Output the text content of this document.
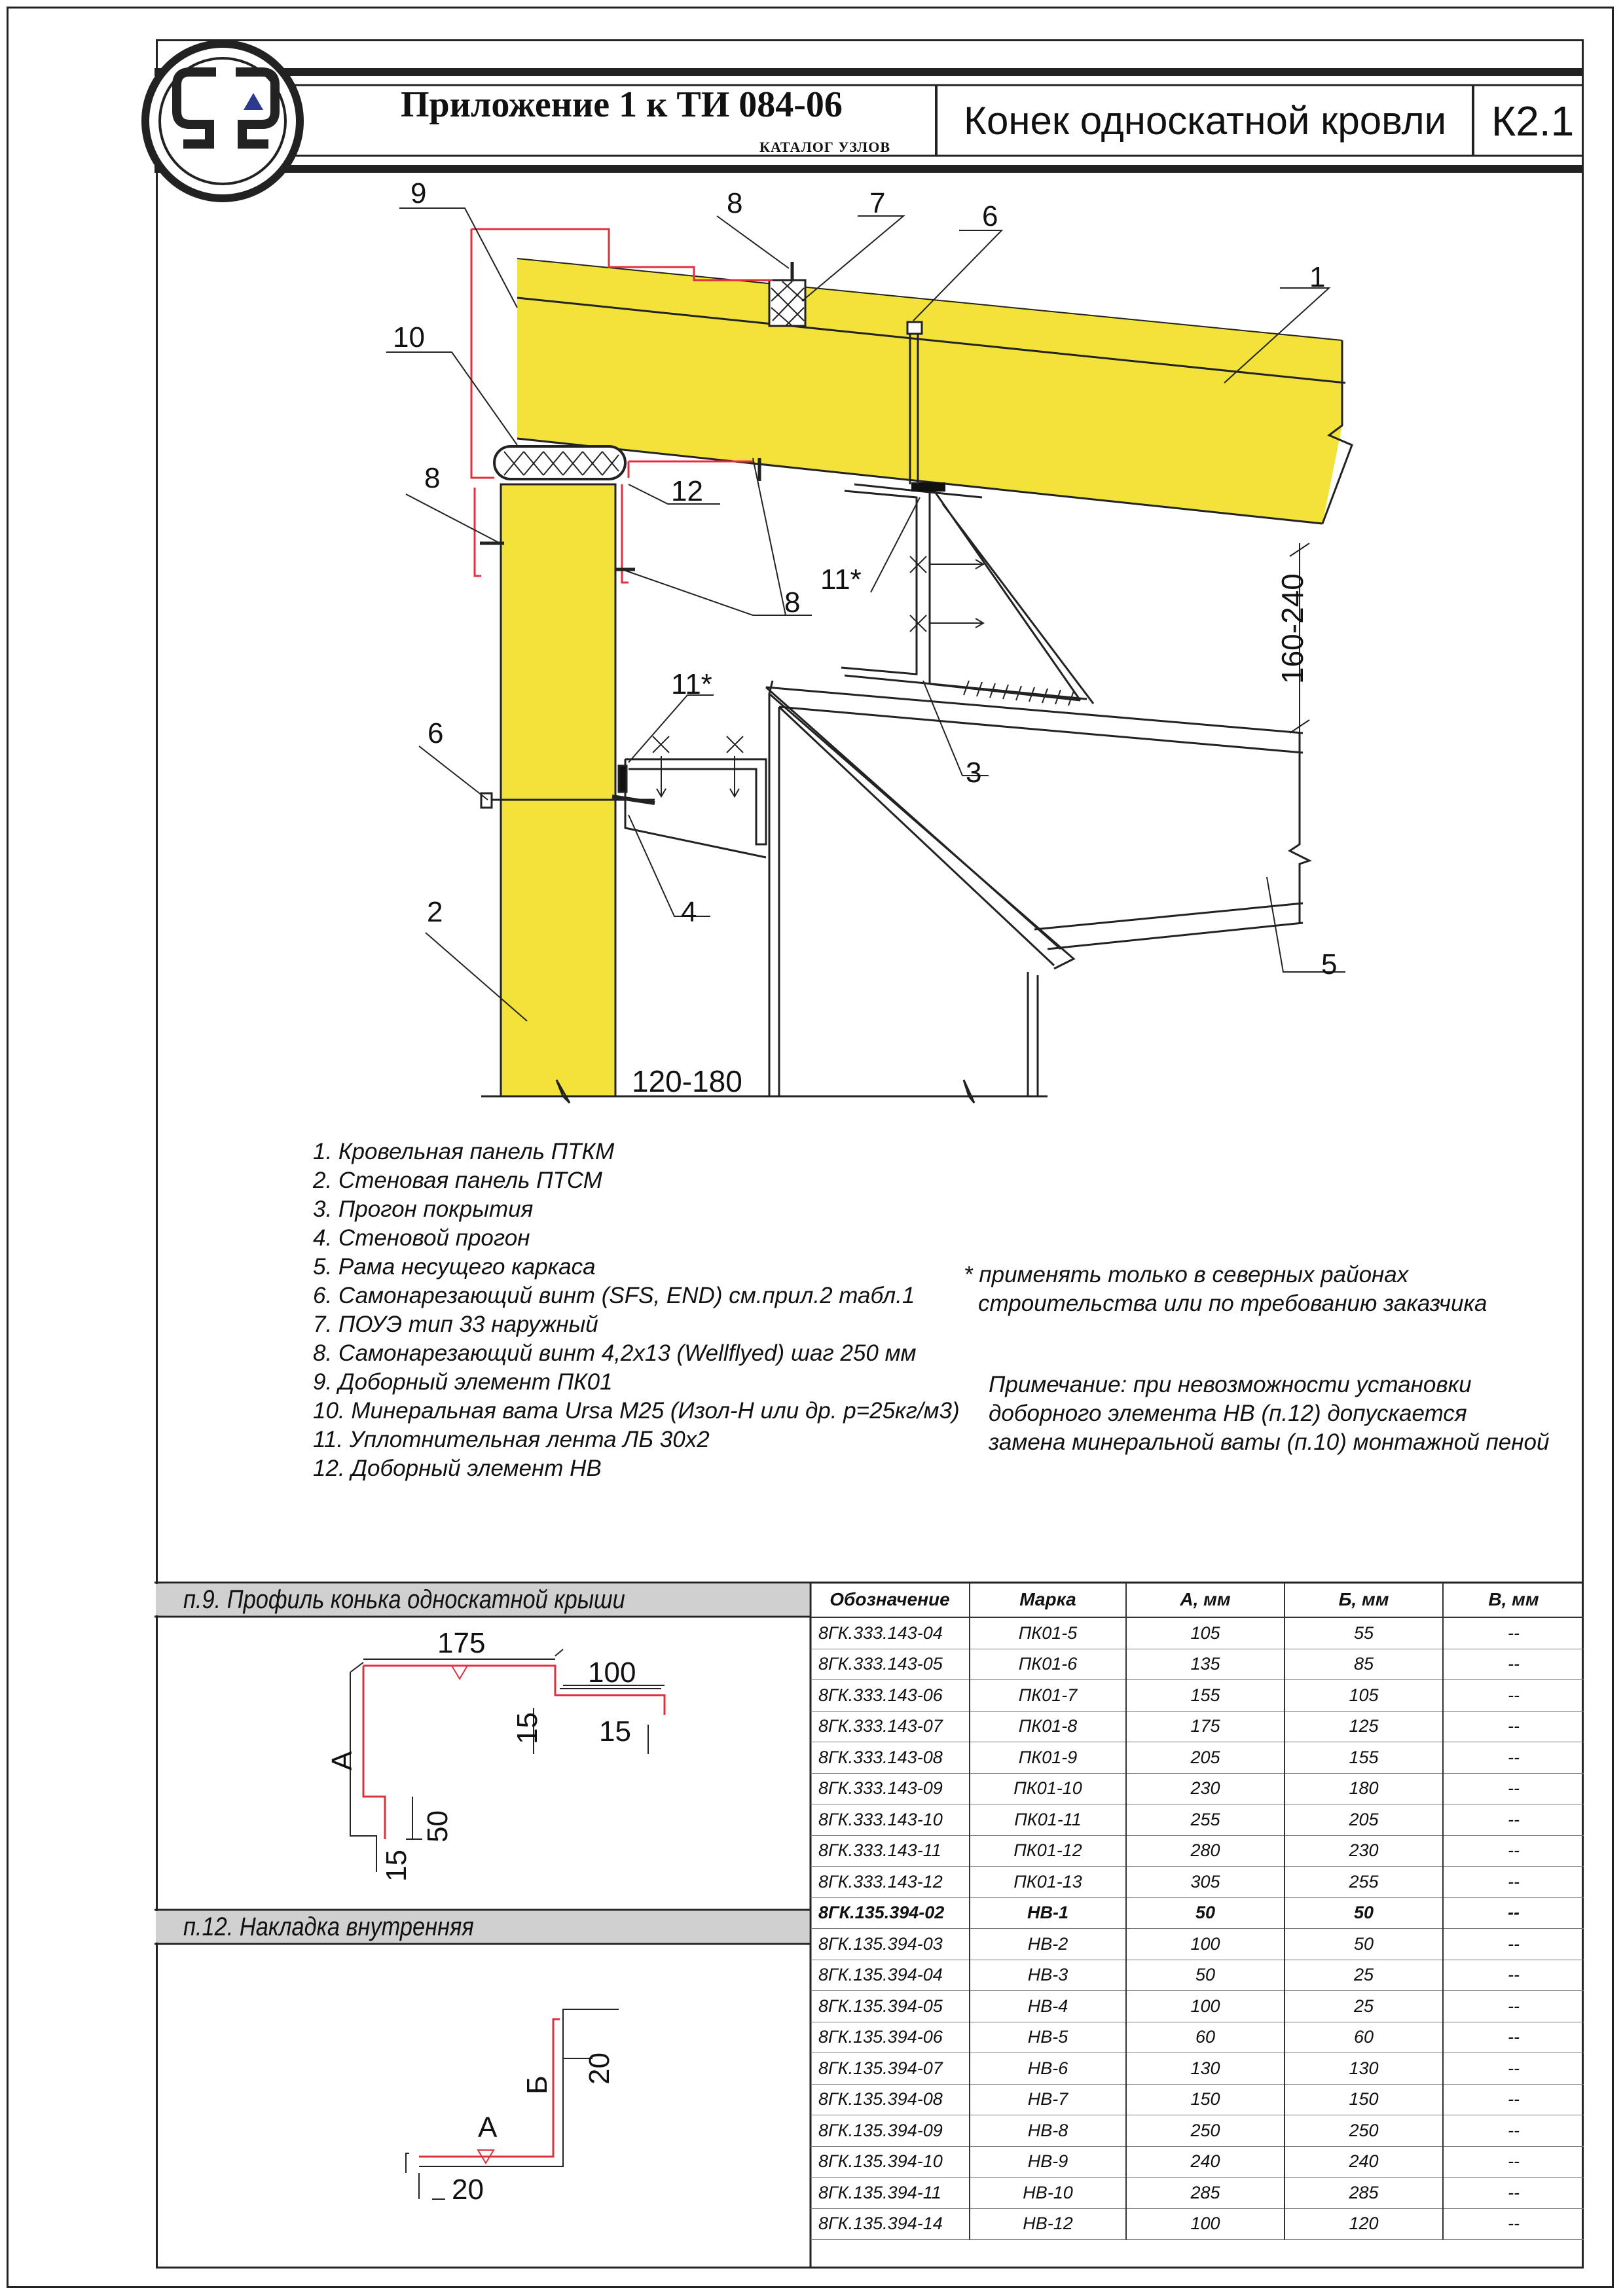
1
2
3
4
5
6
6
7
8
8
8
9
10
11*
11*
12
120-180
160-240
175
100
15 15
A
50
15
A
Б
20
20
Приложение 1 к ТИ 084-06
КАТАЛОГ УЗЛОВ
Конек односкатной кровли К2.1
1. Кровельная панель ПТКМ
2. Стеновая панель ПТСМ
3. Прогон покрытия
4. Стеновой прогон
5. Рама несущего каркаса
6. Самонарезающий винт (SFS, END) см.прил.2 табл.1
7. ПОУЭ тип 33 наружный
8. Самонарезающий винт 4,2x13 (Wellflyed) шаг 250 мм
9. Доборный элемент ПК01
10. Минеральная вата Ursa M25 (Изол-Н или др. р=25кг/м3)
11. Уплотнительная лента ЛБ 30х2
12. Доборный элемент НВ
* применять только в северных районах
строительства или по требованию заказчика
Примечание: при невозможности установки
доборного элемента НВ (п.12) допускается
замена минеральной ваты (п.10) монтажной пеной
п.9. Профиль конька односкатной крыши
п.12. Накладка внутренняя
Обозначение	Марка	А, мм	Б, мм	В, мм
8ГК.333.143-04	ПК01-5	105	55	--
8ГК.333.143-05	ПК01-6	135	85	--
8ГК.333.143-06	ПК01-7	155	105	--
8ГК.333.143-07	ПК01-8	175	125	--
8ГК.333.143-08	ПК01-9	205	155	--
8ГК.333.143-09	ПК01-10	230	180	--
8ГК.333.143-10	ПК01-11	255	205	--
8ГК.333.143-11	ПК01-12	280	230	--
8ГК.333.143-12	ПК01-13	305	255	--
8ГК.135.394-02	НВ-1	50	50	--
8ГК.135.394-03	НВ-2	100	50	--
8ГК.135.394-04	НВ-3	50	25	--
8ГК.135.394-05	НВ-4	100	25	--
8ГК.135.394-06	НВ-5	60	60	--
8ГК.135.394-07	НВ-6	130	130	--
8ГК.135.394-08	НВ-7	150	150	--
8ГК.135.394-09	НВ-8	250	250	--
8ГК.135.394-10	НВ-9	240	240	--
8ГК.135.394-11	НВ-10	285	285	--
8ГК.135.394-14	НВ-12	100	120	--
